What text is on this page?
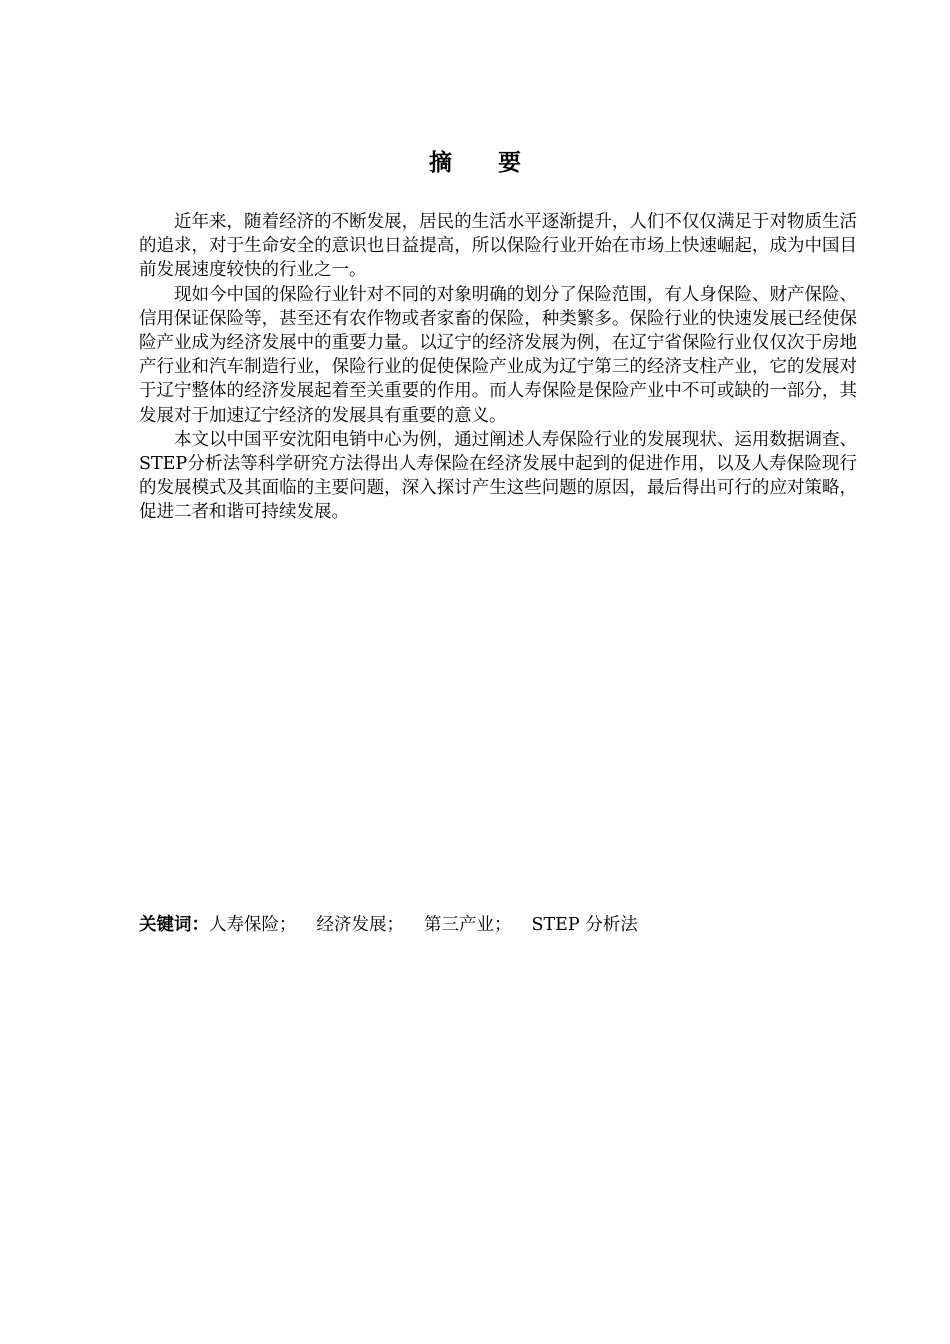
摘 要

近年来，随着经济的不断发展，居民的生活水平逐渐提升，人们不仅仅满足于对物质生活的追求，对于生命安全的意识也日益提高，所以保险行业开始在市场上快速崛起，成为中国目前发展速度较快的行业之一。

现如今中国的保险行业针对不同的对象明确的划分了保险范围，有人身保险、财产保险、信用保证保险等，甚至还有农作物或者家畜的保险，种类繁多。保险行业的快速发展已经使保险产业成为经济发展中的重要力量。以辽宁的经济发展为例，在辽宁省保险行业仅仅次于房地产行业和汽车制造行业，保险行业的促使保险产业成为辽宁第三的经济支柱产业，它的发展对于辽宁整体的经济发展起着至关重要的作用。而人寿保险是保险产业中不可或缺的一部分，其发展对于加速辽宁经济的发展具有重要的意义。

本文以中国平安沈阳电销中心为例，通过阐述人寿保险行业的发展现状、运用数据调查、STEP分析法等科学研究方法得出人寿保险在经济发展中起到的促进作用，以及人寿保险现行的发展模式及其面临的主要问题，深入探讨产生这些问题的原因，最后得出可行的应对策略，促进二者和谐可持续发展。

关键词：人寿保险； 经济发展； 第三产业； STEP 分析法
